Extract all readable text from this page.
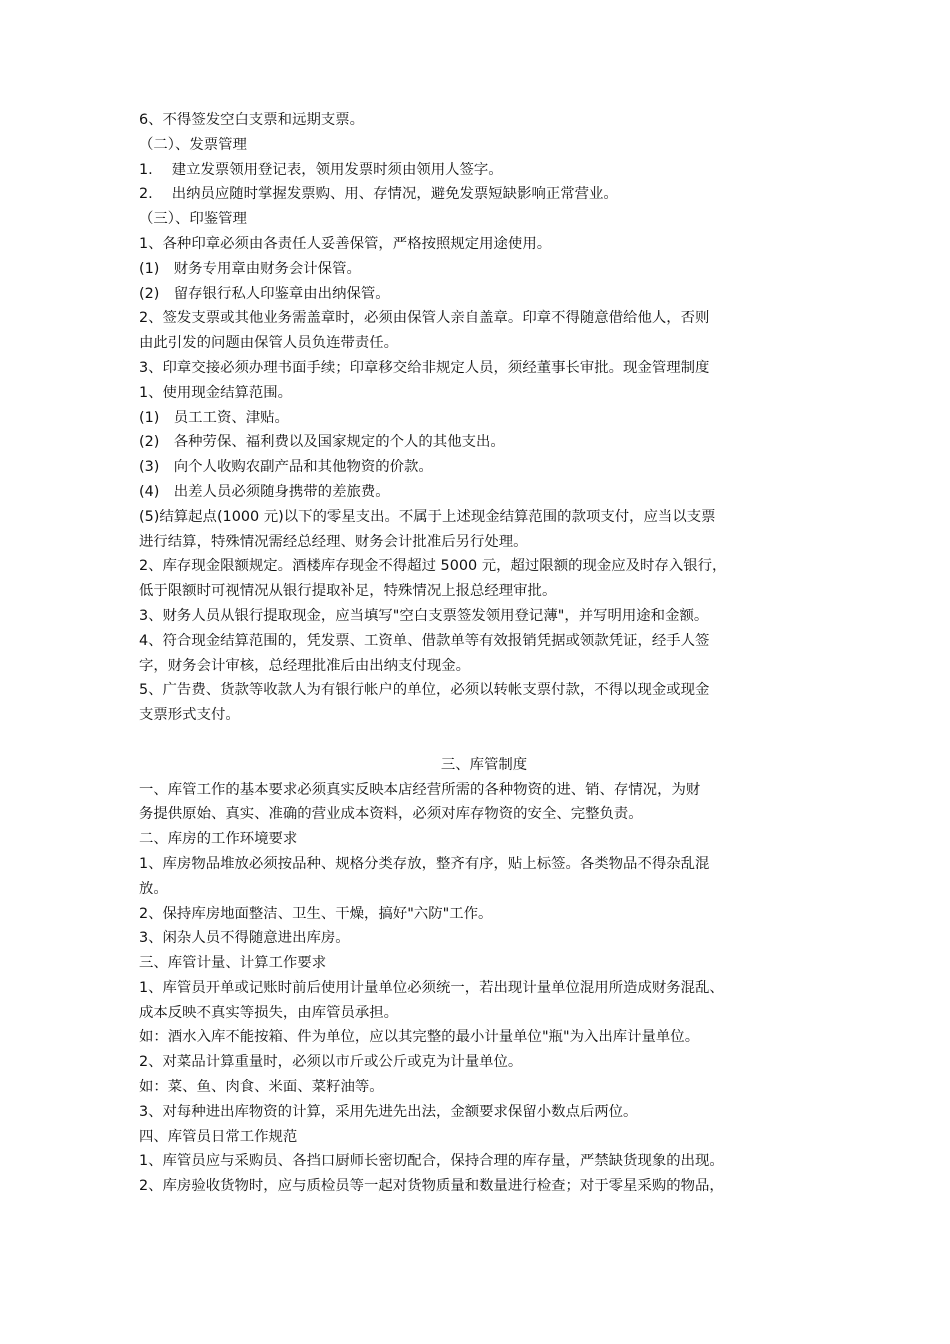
6、不得签发空白支票和远期支票。
（二）、发票管理
1.　 建立发票领用登记表，领用发票时须由领用人签字。
2.　 出纳员应随时掌握发票购、用、存情况，避免发票短缺影响正常营业。
（三）、印鉴管理
1、各种印章必须由各责任人妥善保管，严格按照规定用途使用。
(1)　财务专用章由财务会计保管。
(2)　留存银行私人印鉴章由出纳保管。
2、签发支票或其他业务需盖章时，必须由保管人亲自盖章。印章不得随意借给他人，否则
由此引发的问题由保管人员负连带责任。
3、印章交接必须办理书面手续；印章移交给非规定人员，须经董事长审批。现金管理制度
1、使用现金结算范围。
(1)　员工工资、津贴。
(2)　各种劳保、福利费以及国家规定的个人的其他支出。
(3)　向个人收购农副产品和其他物资的价款。
(4)　出差人员必须随身携带的差旅费。
(5)结算起点(1000 元)以下的零星支出。不属于上述现金结算范围的款项支付，应当以支票
进行结算，特殊情况需经总经理、财务会计批准后另行处理。
2、库存现金限额规定。酒楼库存现金不得超过 5000 元，超过限额的现金应及时存入银行，
低于限额时可视情况从银行提取补足，特殊情况上报总经理审批。
3、财务人员从银行提取现金，应当填写"空白支票签发领用登记薄"，并写明用途和金额。
4、符合现金结算范围的，凭发票、工资单、借款单等有效报销凭据或领款凭证，经手人签
字，财务会计审核，总经理批准后由出纳支付现金。
5、广告费、货款等收款人为有银行帐户的单位，必须以转帐支票付款，不得以现金或现金
支票形式支付。
三、库管制度
一、库管工作的基本要求必须真实反映本店经营所需的各种物资的进、销、存情况，为财
务提供原始、真实、准确的营业成本资料，必须对库存物资的安全、完整负责。
二、库房的工作环境要求
1、库房物品堆放必须按品种、规格分类存放，整齐有序，贴上标签。各类物品不得杂乱混
放。
2、保持库房地面整洁、卫生、干燥，搞好"六防"工作。
3、闲杂人员不得随意进出库房。
三、库管计量、计算工作要求
1、库管员开单或记账时前后使用计量单位必须统一，若出现计量单位混用所造成财务混乱、
成本反映不真实等损失，由库管员承担。
如：酒水入库不能按箱、件为单位，应以其完整的最小计量单位"瓶"为入出库计量单位。
2、对菜品计算重量时，必须以市斤或公斤或克为计量单位。
如：菜、鱼、肉食、米面、菜籽油等。
3、对每种进出库物资的计算，采用先进先出法，金额要求保留小数点后两位。
四、库管员日常工作规范
1、库管员应与采购员、各挡口厨师长密切配合，保持合理的库存量，严禁缺货现象的出现。
2、库房验收货物时，应与质检员等一起对货物质量和数量进行检查；对于零星采购的物品，
